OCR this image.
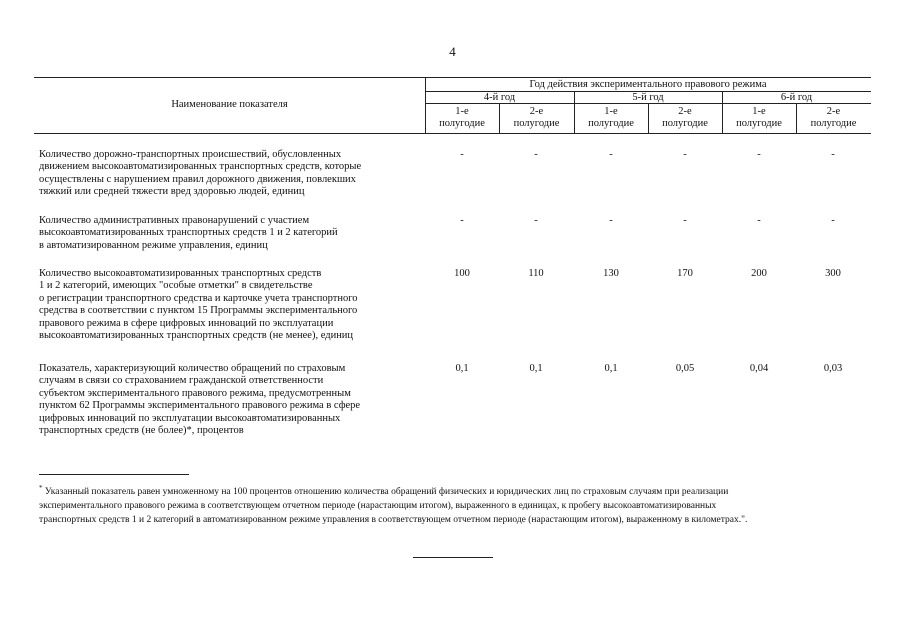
4
Наименование показателя
Год действия экспериментального правового режима
4-й год	5-й год	6-й год
1-е
полугодие
2-е
полугодие
1-е
полугодие
2-е
полугодие
1-е
полугодие
2-е
полугодие
Количество дорожно-транспортных происшествий, обусловленных
движением высокоавтоматизированных транспортных средств, которые
осуществлены с нарушением правил дорожного движения, повлекших
тяжкий или средней тяжести вред здоровью людей, единиц
-	-	-	-	-	-
Количество административных правонарушений с участием
высокоавтоматизированных транспортных средств 1 и 2 категорий
в автоматизированном режиме управления, единиц
-	-	-	-	-	-
Количество высокоавтоматизированных транспортных средств
1 и 2 категорий, имеющих "особые отметки" в свидетельстве
о регистрации транспортного средства и карточке учета транспортного
средства в соответствии с пунктом 15 Программы экспериментального
правового режима в сфере цифровых инноваций по эксплуатации
высокоавтоматизированных транспортных средств (не менее), единиц
100	110	130	170	200	300
Показатель, характеризующий количество обращений по страховым
случаям в связи со страхованием гражданской ответственности
субъектом экспериментального правового режима, предусмотренным
пунктом 62 Программы экспериментального правового режима в сфере
цифровых инноваций по эксплуатации высокоавтоматизированных
транспортных средств (не более)*, процентов
0,1	0,1	0,1	0,05	0,04	0,03
* Указанный показатель равен умноженному на 100 процентов отношению количества обращений физических и юридических лиц по страховым случаям при реализации
экспериментального правового режима в соответствующем отчетном периоде (нарастающим итогом), выраженного в единицах, к пробегу высокоавтоматизированных
транспортных средств 1 и 2 категорий в автоматизированном режиме управления в соответствующем отчетном периоде (нарастающим итогом), выраженному в километрах.".
